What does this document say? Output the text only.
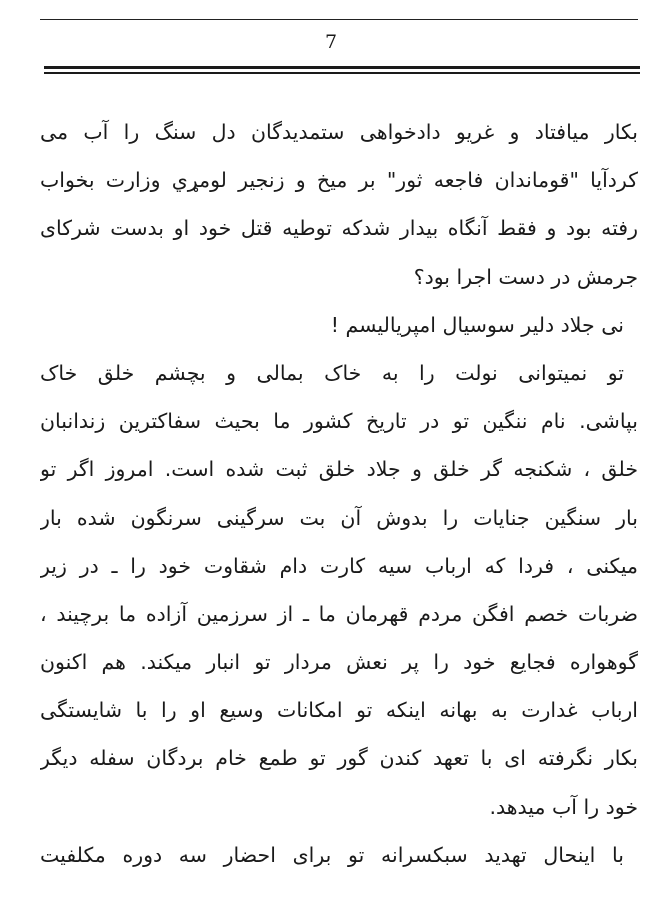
7
بکار میافتاد و غریو دادخواهی ستمدیدگان دل سنگ را آب می
کردآیا "قوماندان فاجعه ثور" بر میخ و زنجیر لومړي وزارت بخواب
رفته بود و فقط آنگاه بیدار شدکه توطیه قتل خود او بدست شرکای
جرمش در دست اجرا بود؟
نی جلاد دلیر سوسیال امپریالیسم !
تو نمیتوانی نولت را به خاک بمالی و بچشم خلق خاک
بپاشی. نام ننگین تو در تاریخ کشور ما بحیث سفاکترین زندانبان
خلق ، شکنجه گر خلق و جلاد خلق ثبت شده است. امروز اگر تو
بار سنگین جنایات را بدوش آن بت سرگینی سرنگون شده بار
میکنی ، فردا که ارباب سیه کارت دام شقاوت خود را ـ در زیر
ضربات خصم افگن مردم قهرمان ما ـ از سرزمین آزاده ما برچیند ،
گوهواره فجایع خود را پر نعش مردار تو انبار میکند. هم اکنون
ارباب غدارت به بهانه اینکه تو امکانات وسیع او را با شایستگی
بکار نگرفته ای با تعهد کندن گور تو طمع خام بردگان سفله دیگر
خود را آب میدهد.
با اینحال تهدید سبکسرانه تو برای احضار سه دوره مکلفیت
